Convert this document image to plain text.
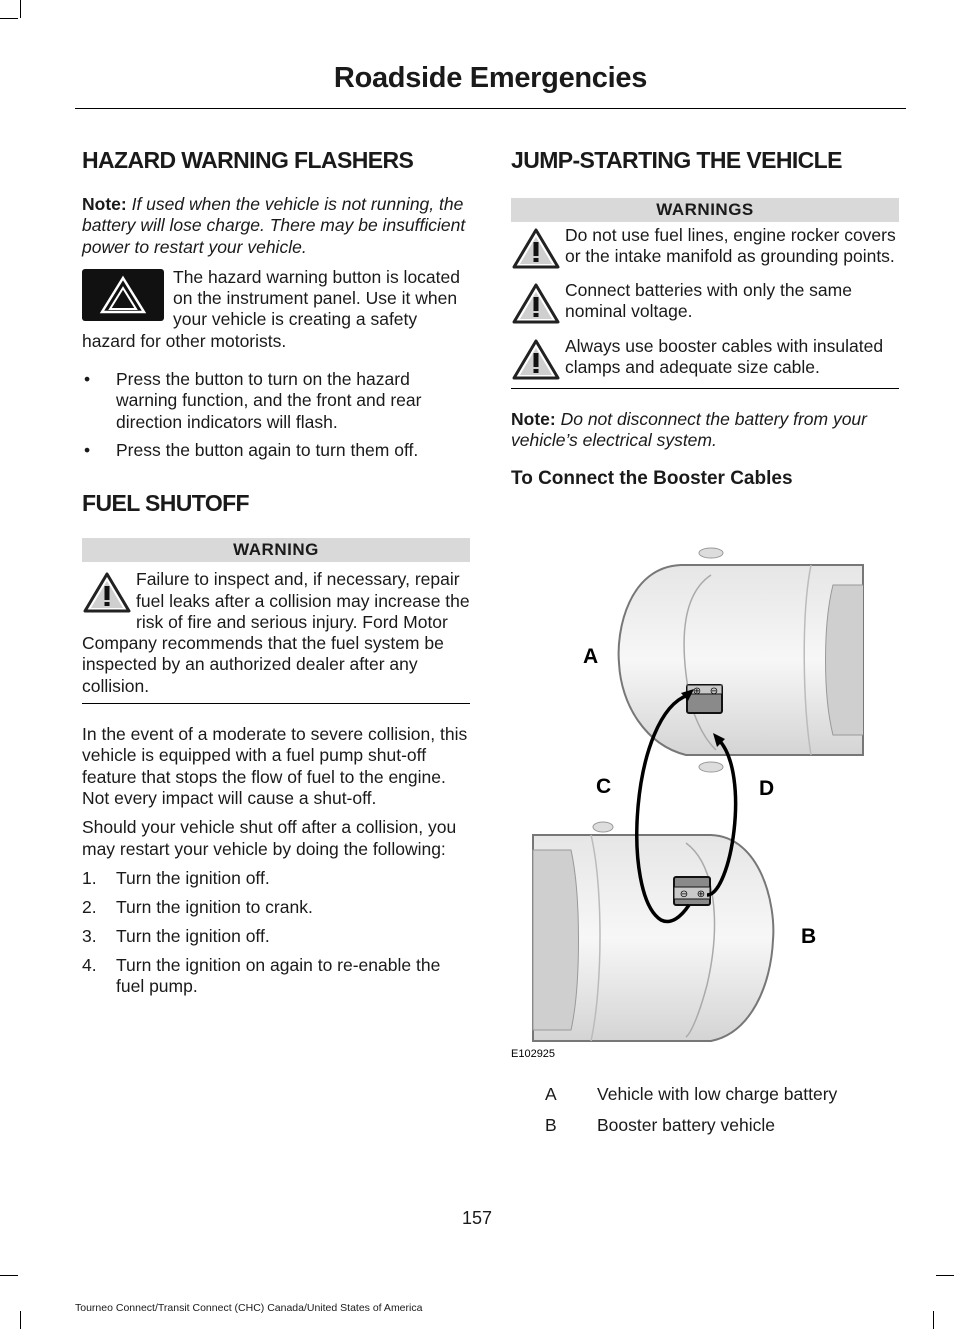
Roadside Emergencies
HAZARD WARNING FLASHERS

Note: If used when the vehicle is not running, the battery will lose charge. There may be insufficient power to restart your vehicle.

The hazard warning button is located on the instrument panel. Use it when your vehicle is creating a safety hazard for other motorists.

• Press the button to turn on the hazard warning function, and the front and rear direction indicators will flash.
• Press the button again to turn them off.
FUEL SHUTOFF
WARNING

Failure to inspect and, if necessary, repair fuel leaks after a collision may increase the risk of fire and serious injury. Ford Motor Company recommends that the fuel system be inspected by an authorized dealer after any collision.

In the event of a moderate to severe collision, this vehicle is equipped with a fuel pump shut-off feature that stops the flow of fuel to the engine. Not every impact will cause a shut-off.

Should your vehicle shut off after a collision, you may restart your vehicle by doing the following:

1. Turn the ignition off.
2. Turn the ignition to crank.
3. Turn the ignition off.
4. Turn the ignition on again to re-enable the fuel pump.
JUMP-STARTING THE VEHICLE
WARNINGS

Do not use fuel lines, engine rocker covers or the intake manifold as grounding points.

Connect batteries with only the same nominal voltage.

Always use booster cables with insulated clamps and adequate size cable.

Note: Do not disconnect the battery from your vehicle’s electrical system.

To Connect the Booster Cables
⊕ ⊖
⊖ ⊕
A
C	D
B
E102925
A Vehicle with low charge battery
B Booster battery vehicle
157
Tourneo Connect/Transit Connect (CHC) Canada/United States of America
